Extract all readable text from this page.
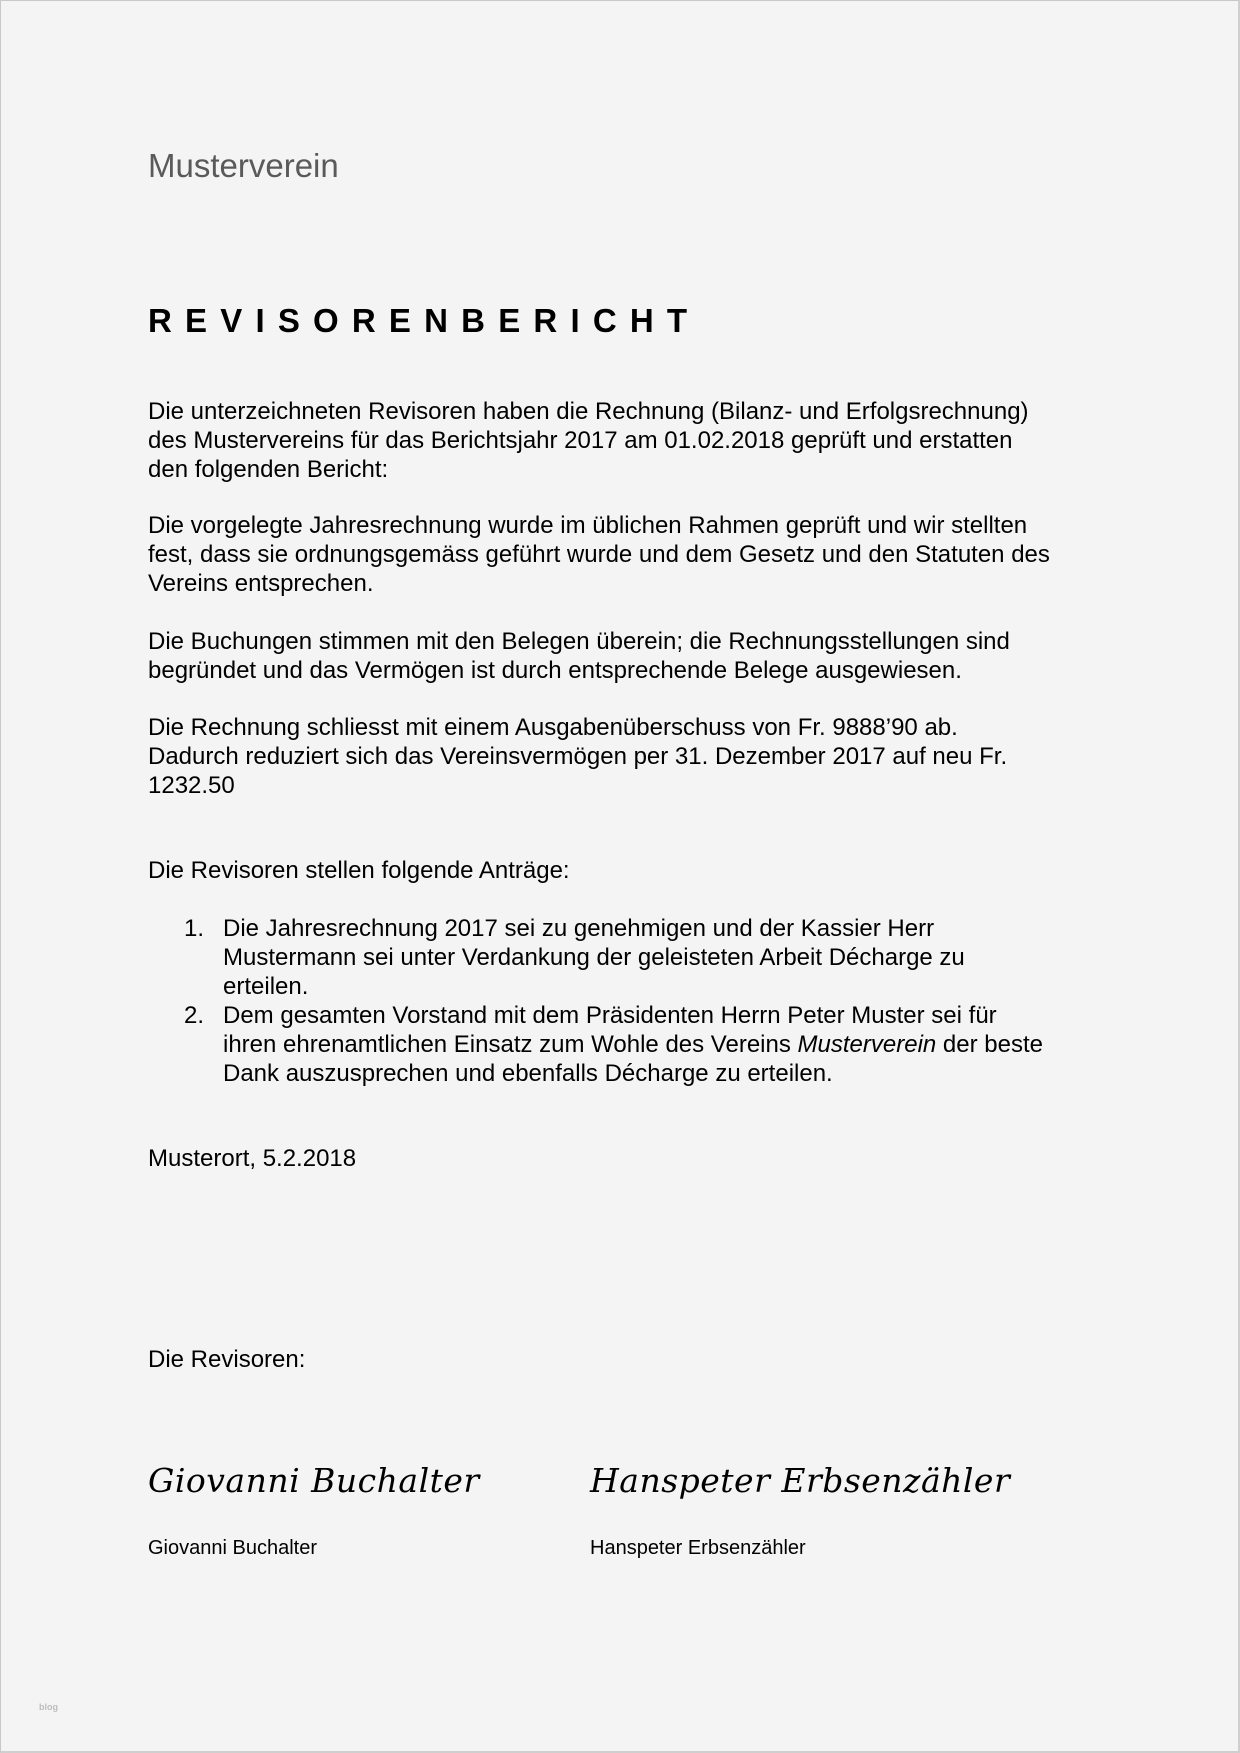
Musterverein
REVISORENBERICHT
Die unterzeichneten Revisoren haben die Rechnung (Bilanz- und Erfolgsrechnung)
des Mustervereins für das Berichtsjahr 2017 am 01.02.2018 geprüft und erstatten
den folgenden Bericht:
Die vorgelegte Jahresrechnung wurde im üblichen Rahmen geprüft und wir stellten
fest, dass sie ordnungsgemäss geführt wurde und dem Gesetz und den Statuten des
Vereins entsprechen.
Die Buchungen stimmen mit den Belegen überein; die Rechnungsstellungen sind
begründet und das Vermögen ist durch entsprechende Belege ausgewiesen.
Die Rechnung schliesst mit einem Ausgabenüberschuss von Fr. 9888’90 ab.
Dadurch reduziert sich das Vereinsvermögen per 31. Dezember 2017 auf neu Fr.
1232.50
Die Revisoren stellen folgende Anträge:
1. Die Jahresrechnung 2017 sei zu genehmigen und der Kassier Herr
Mustermann sei unter Verdankung der geleisteten Arbeit Décharge zu
erteilen.
2. Dem gesamten Vorstand mit dem Präsidenten Herrn Peter Muster sei für
ihren ehrenamtlichen Einsatz zum Wohle des Vereins Musterverein der beste
Dank auszusprechen und ebenfalls Décharge zu erteilen.
Musterort, 5.2.2018
Die Revisoren:
Giovanni Buchalter	Hanspeter Erbsenzähler
Giovanni Buchalter	Hanspeter Erbsenzähler
blog
